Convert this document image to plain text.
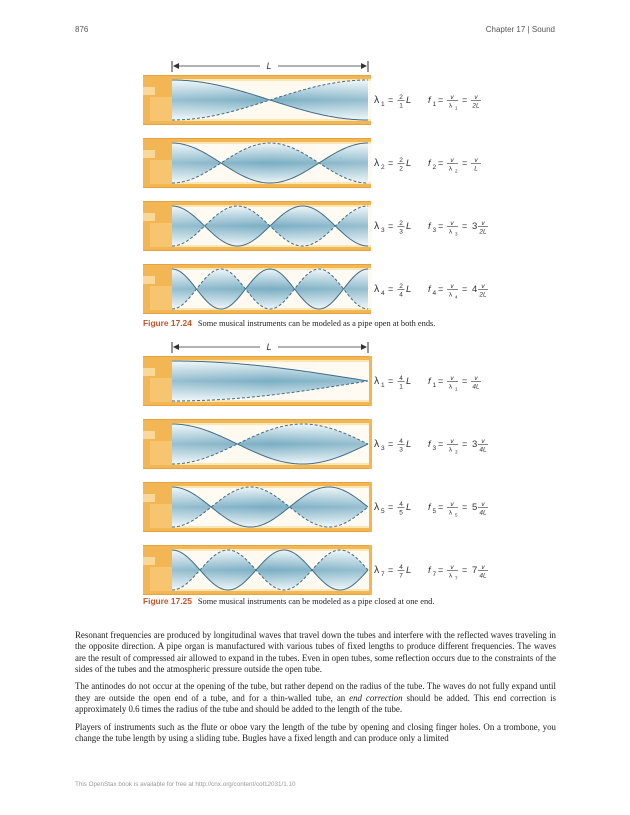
876	Chapter 17 | Sound
L
λ 1 = 2
1 L f 1 = v
λ 1
= v
2L
λ 2 = 2
2 L f 2 = v
λ 2
= v
L
λ 3 = 2
3 L f 3 = v
λ 3
= 3 v
2L
λ 4 = 2
4 L f 4 = v
λ 4
= 4 v
2L
Figure 17.24 Some musical instruments can be modeled as a pipe open at both ends.
L
λ 1 = 4
1 L f 1 = v
λ 1
= v
4L
λ 3 = 4
3 L f 3 = v
λ 3
= 3 v
4L
λ 5 = 4
5 L f 5 = v
λ 5
= 5 v
4L
λ 7 = 4
7 L f 7 = v
λ 7
= 7 v
4L
Figure 17.25 Some musical instruments can be modeled as a pipe closed at one end.

Resonant frequencies are produced by longitudinal waves that travel down the tubes and interfere with the reflected waves traveling in the opposite direction. A pipe organ is manufactured with various tubes of fixed lengths to produce different frequencies. The waves are the result of compressed air allowed to expand in the tubes. Even in open tubes, some reflection occurs due to the constraints of the sides of the tubes and the atmospheric pressure outside the open tube.

The antinodes do not occur at the opening of the tube, but rather depend on the radius of the tube. The waves do not fully expand until they are outside the open end of a tube, and for a thin-walled tube, an end correction should be added. This end correction is approximately 0.6 times the radius of the tube and should be added to the length of the tube.

Players of instruments such as the flute or oboe vary the length of the tube by opening and closing finger holes. On a trombone, you change the tube length by using a sliding tube. Bugles have a fixed length and can produce only a limited

This OpenStax book is available for free at http://cnx.org/content/col12031/1.10
